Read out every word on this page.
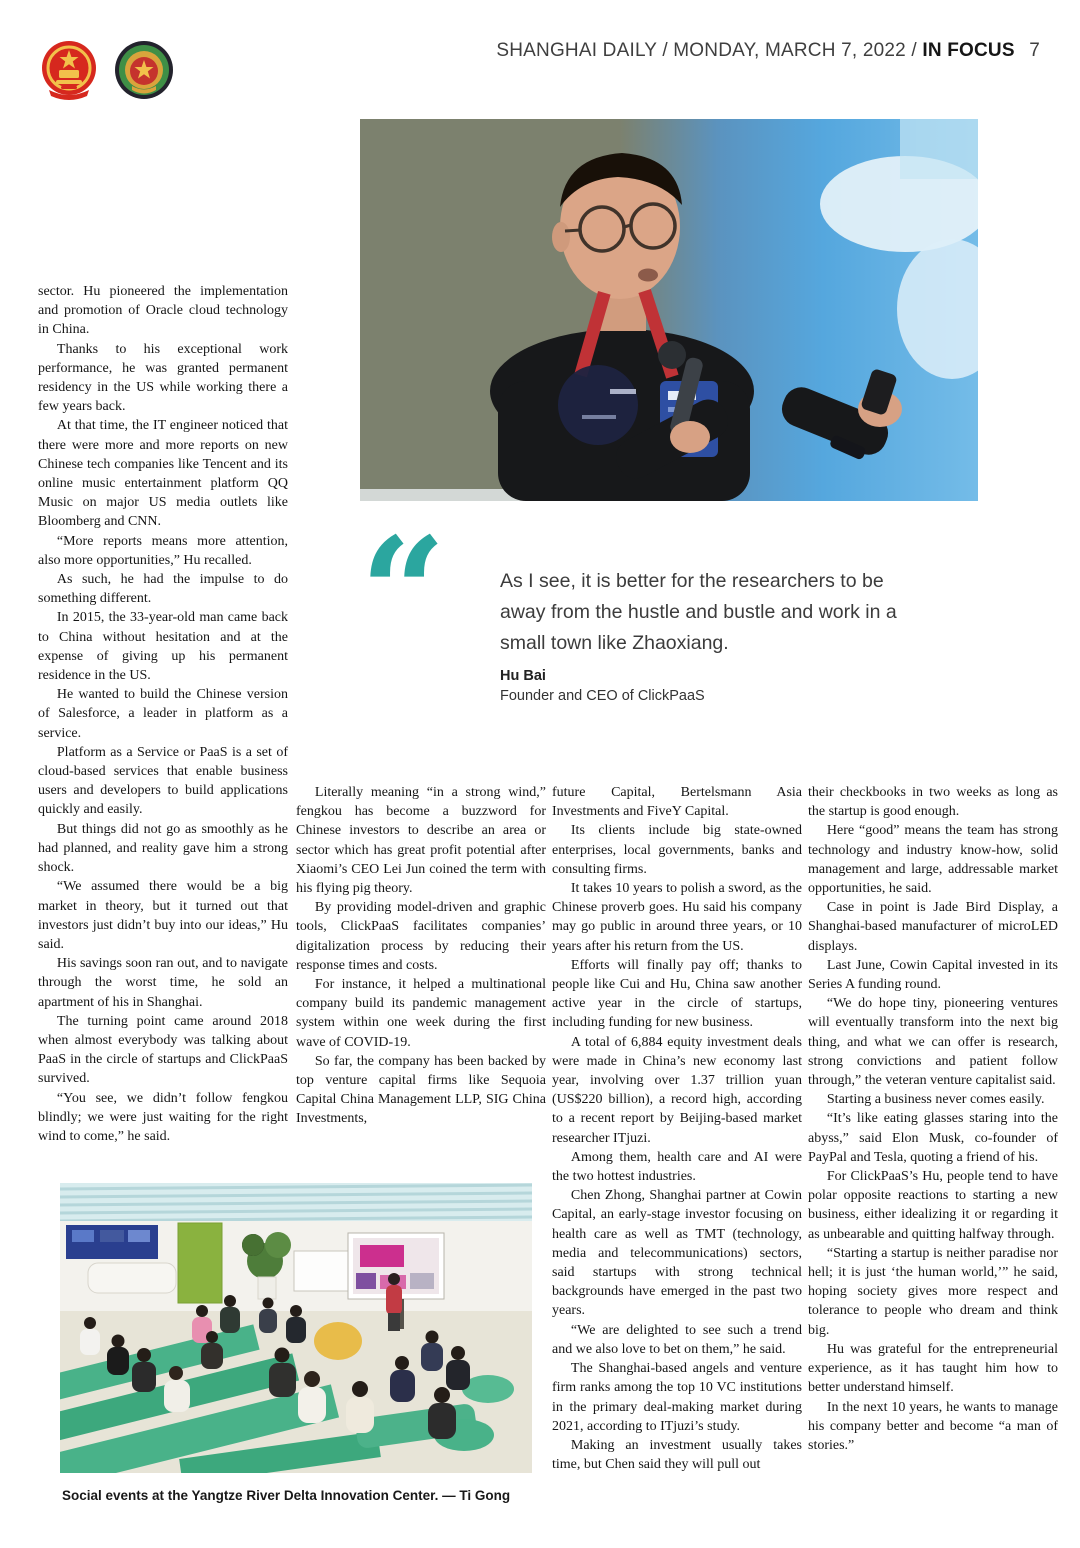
SHANGHAI DAILY / MONDAY, MARCH 7, 2022 / IN FOCUS 7
“	As I see, it is better for the researchers to be away from the hustle and bustle and work in a small town like Zhaoxiang.

Hu Bai

Founder and CEO of ClickPaaS

sector. Hu pioneered the implementation and promotion of Oracle cloud technology in China.

Thanks to his exceptional work performance, he was granted permanent residency in the US while working there a few years back.

At that time, the IT engineer noticed that there were more and more reports on new Chinese tech companies like Tencent and its online music entertainment platform QQ Music on major US media outlets like Bloomberg and CNN.

“More reports means more attention, also more opportunities,” Hu recalled.

As such, he had the impulse to do something different.

In 2015, the 33-year-old man came back to China without hesitation and at the expense of giving up his permanent residence in the US.

He wanted to build the Chinese version of Salesforce, a leader in platform as a service.

Platform as a Service or PaaS is a set of cloud-based services that enable business users and developers to build applications quickly and easily.

But things did not go as smoothly as he had planned, and reality gave him a strong shock.

“We assumed there would be a big market in theory, but it turned out that investors just didn’t buy into our ideas,” Hu said.

His savings soon ran out, and to navigate through the worst time, he sold an apartment of his in Shanghai.

The turning point came around 2018 when almost everybody was talking about PaaS in the circle of startups and ClickPaaS survived.

“You see, we didn’t follow fengkou blindly; we were just waiting for the right wind to come,” he said.

Literally meaning “in a strong wind,” fengkou has become a buzzword for Chinese investors to describe an area or sector which has great profit potential after Xiaomi’s CEO Lei Jun coined the term with his flying pig theory.

By providing model-driven and graphic tools, ClickPaaS facilitates companies’ digitalization process by reducing their response times and costs.

For instance, it helped a multinational company build its pandemic management system within one week during the first wave of COVID-19.

So far, the company has been backed by top venture capital firms like Sequoia Capital China Management LLP, SIG China Investments,

future Capital, Bertelsmann Asia Investments and FiveY Capital.

Its clients include big state-owned enterprises, local governments, banks and consulting firms.

It takes 10 years to polish a sword, as the Chinese proverb goes. Hu said his company may go public in around three years, or 10 years after his return from the US.

Efforts will finally pay off; thanks to people like Cui and Hu, China saw another active year in the circle of startups, including funding for new business.

A total of 6,884 equity investment deals were made in China’s new economy last year, involving over 1.37 trillion yuan (US$220 billion), a record high, according to a recent report by Beijing-based market researcher ITjuzi.

Among them, health care and AI were the two hottest industries.

Chen Zhong, Shanghai partner at Cowin Capital, an early-stage investor focusing on health care as well as TMT (technology, media and telecommunications) sectors, said startups with strong technical backgrounds have emerged in the past two years.

“We are delighted to see such a trend and we also love to bet on them,” he said.

The Shanghai-based angels and venture firm ranks among the top 10 VC institutions in the primary deal-making market during 2021, according to ITjuzi’s study.

Making an investment usually takes time, but Chen said they will pull out

their checkbooks in two weeks as long as the startup is good enough.

Here “good” means the team has strong technology and industry know-how, solid management and large, addressable market opportunities, he said.

Case in point is Jade Bird Display, a Shanghai-based manufacturer of microLED displays.

Last June, Cowin Capital invested in its Series A funding round.

“We do hope tiny, pioneering ventures will eventually transform into the next big thing, and what we can offer is research, strong convictions and patient follow through,” the veteran venture capitalist said.

Starting a business never comes easily.

“It’s like eating glasses staring into the abyss,” said Elon Musk, co-founder of PayPal and Tesla, quoting a friend of his.

For ClickPaaS’s Hu, people tend to have polar opposite reactions to starting a new business, either idealizing it or regarding it as unbearable and quitting halfway through.

“Starting a startup is neither paradise nor hell; it is just ‘the human world,’” he said, hoping society gives more respect and tolerance to people who dream and think big.

Hu was grateful for the entrepreneurial experience, as it has taught him how to better understand himself.

In the next 10 years, he wants to manage his company better and become “a man of stories.”

Social events at the Yangtze River Delta Innovation Center. — Ti Gong
